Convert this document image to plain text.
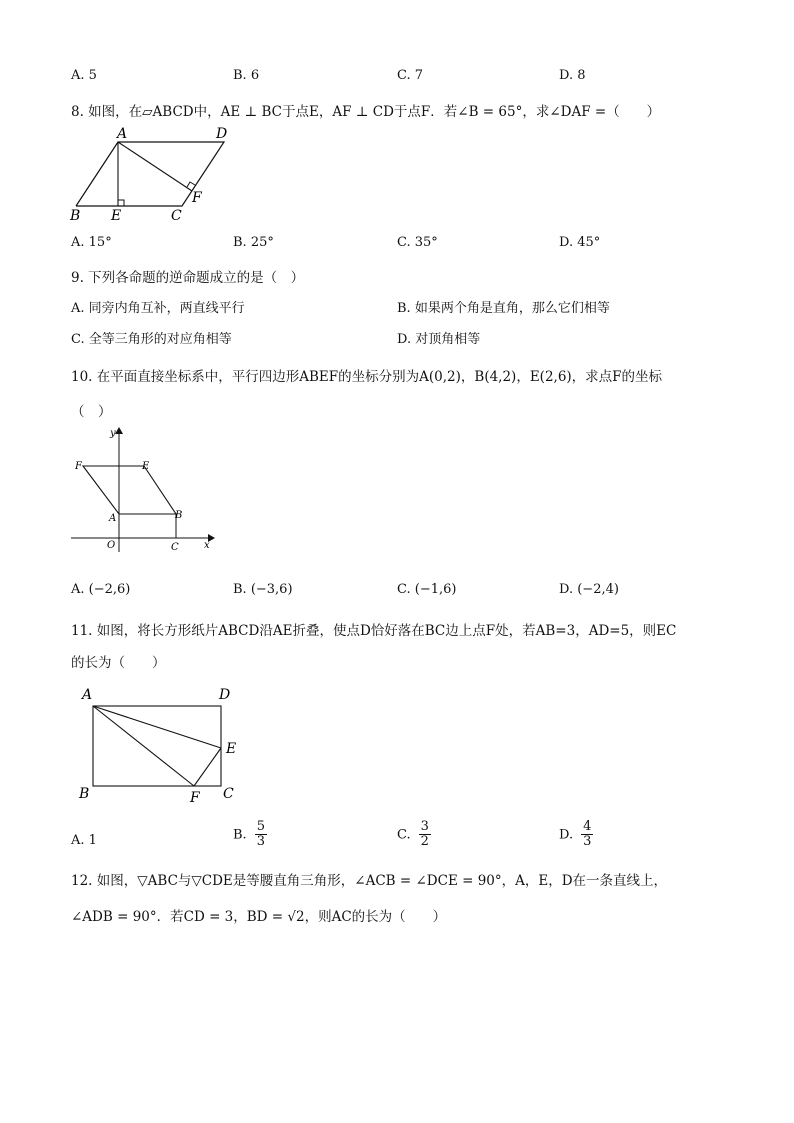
A. 5	B. 6	C. 7	D. 8
8. 如图，在▱ABCD中，AE ⊥ BC于点E，AF ⊥ CD于点F．若∠B = 65°，求∠DAF =（　　）
A	D
B E	C
F
A. 15°	B. 25°	C. 35°	D. 45°
9. 下列各命题的逆命题成立的是（　）
A. 同旁内角互补，两直线平行	B. 如果两个角是直角，那么它们相等
C. 全等三角形的对应角相等	D. 对顶角相等
10. 在平面直接坐标系中，平行四边形ABEF的坐标分别为A(0,2)，B(4,2)，E(2,6)，求点F的坐标
（　）
y
F	E
A	B
O	C	x
A. (−2,6)	B. (−3,6)	C. (−1,6)	D. (−2,4)
11. 如图，将长方形纸片ABCD沿AE折叠，使点D恰好落在BC边上点F处，若AB=3，AD=5，则EC
的长为（　　）
A	D
E
B	F C
A. 1	B. $\frac{5}{3}$	C. $\frac{3}{2}$	D. $\frac{4}{3}$
12. 如图，▽ABC与▽CDE是等腰直角三角形，∠ACB = ∠DCE = 90°，A，E，D在一条直线上，
∠ADB = 90°．若CD = 3，BD = √2，则AC的长为（　　）
